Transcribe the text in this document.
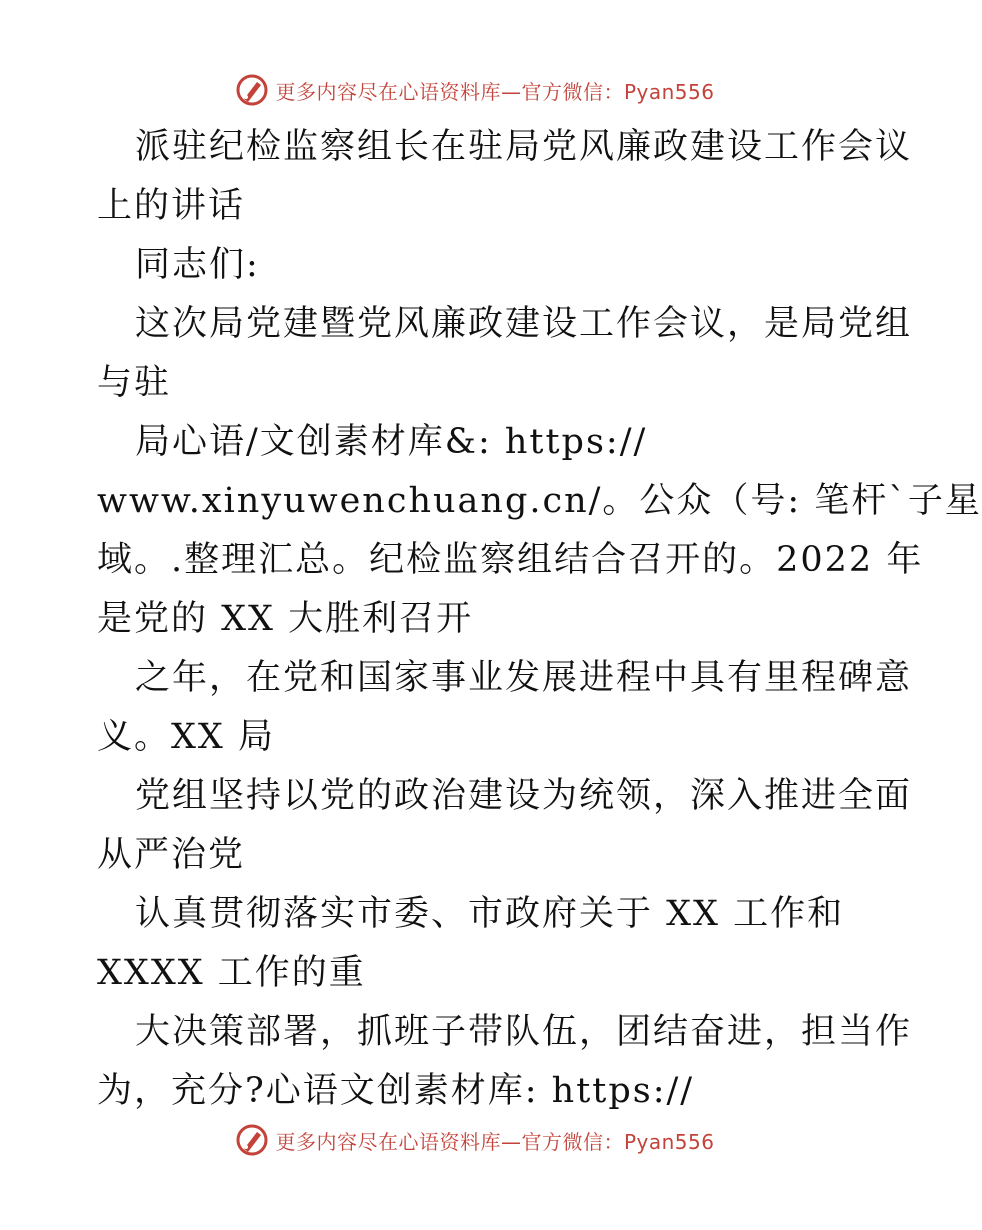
更多内容尽在心语资料库—官方微信：Pyan556
派驻纪检监察组长在驻局党风廉政建设工作会议
上的讲话
同志们:
这次局党建暨党风廉政建设工作会议，是局党组
与驻
局心语/文创素材库&: https://
www.xinyuwenchuang.cn/。公众（号: 笔杆`子星
域。.整理汇总。纪检监察组结合召开的。2022 年
是党的 XX 大胜利召开
之年，在党和国家事业发展进程中具有里程碑意
义。XX 局
党组坚持以党的政治建设为统领，深入推进全面
从严治党
认真贯彻落实市委、市政府关于 XX 工作和
XXXX 工作的重
大决策部署，抓班子带队伍，团结奋进，担当作
为，充分?心语文创素材库: https://
更多内容尽在心语资料库—官方微信：Pyan556
